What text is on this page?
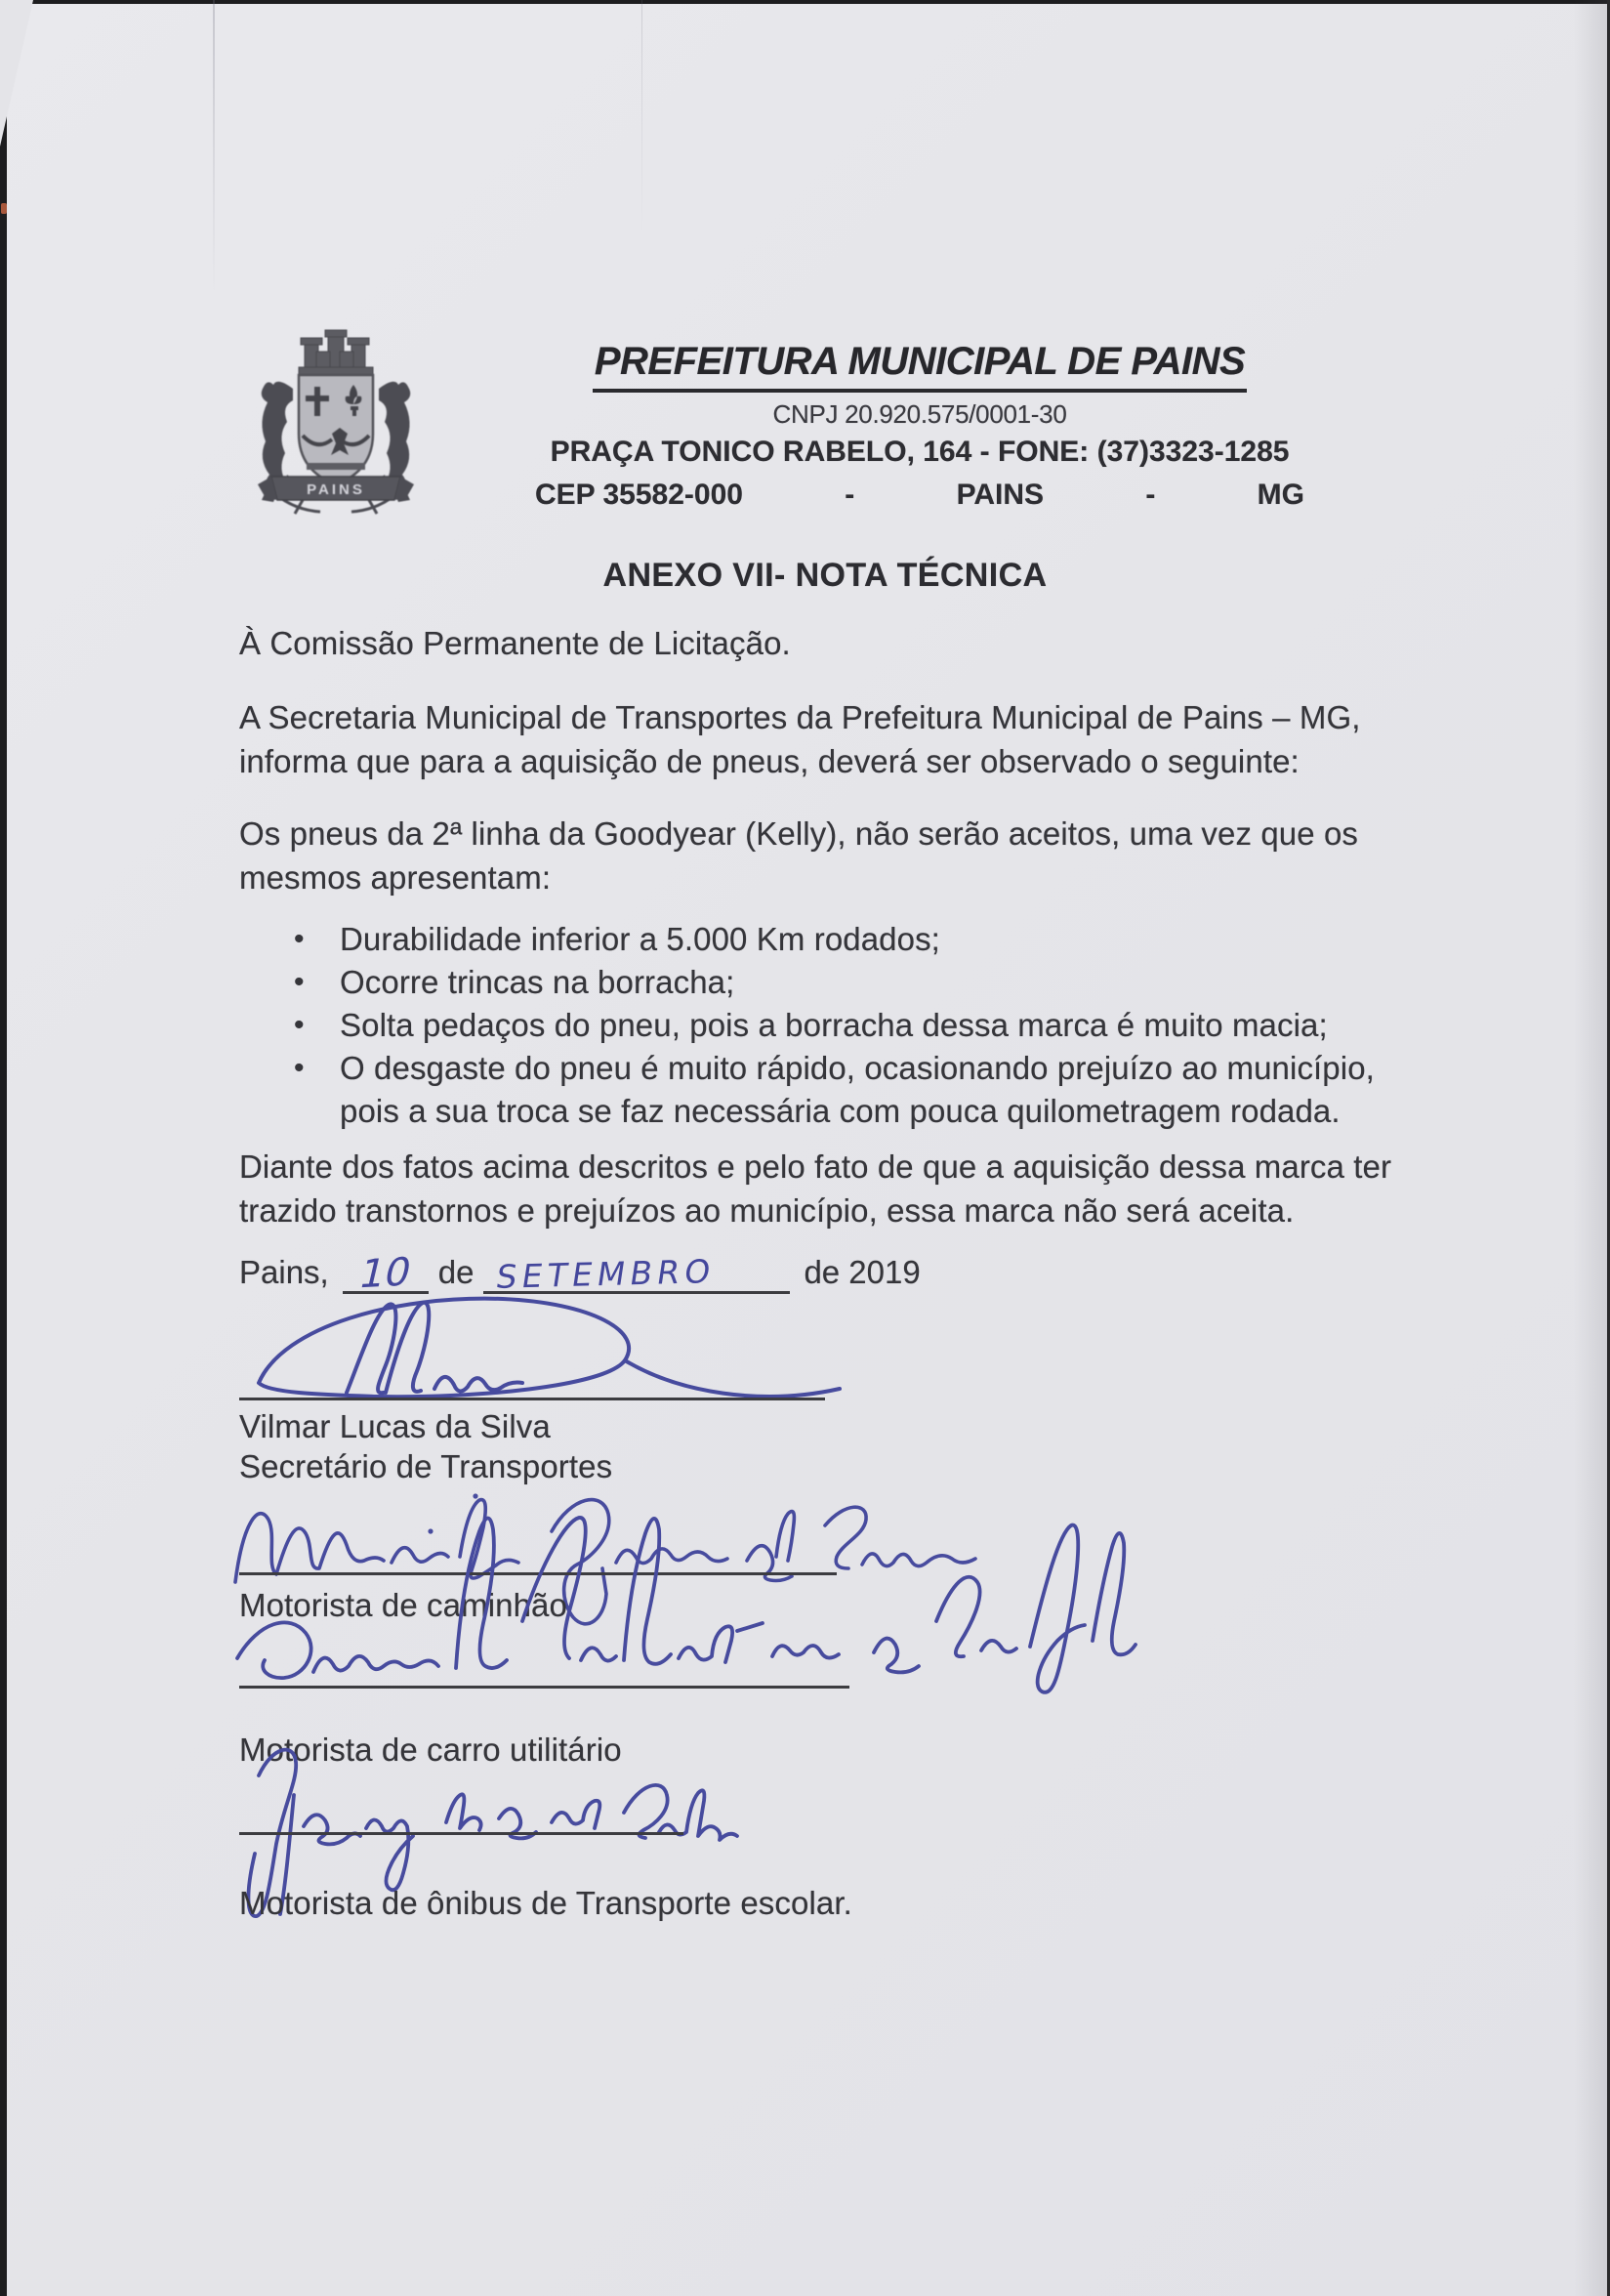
PAINS
PREFEITURA MUNICIPAL DE PAINS
CNPJ 20.920.575/0001-30
PRAÇA TONICO RABELO, 164 - FONE: (37)3323-1285
CEP 35582-000	-	PAINS	-	MG
ANEXO VII- NOTA TÉCNICA
À Comissão Permanente de Licitação.
A Secretaria Municipal de Transportes da Prefeitura Municipal de Pains – MG, informa que para a aquisição de pneus, deverá ser observado o seguinte:
Os pneus da 2ª linha da Goodyear (Kelly), não serão aceitos, uma vez que os mesmos apresentam:
•	Durabilidade inferior a 5.000 Km rodados;
•	Ocorre trincas na borracha;
•	Solta pedaços do pneu, pois a borracha dessa marca é muito macia;
•	O desgaste do pneu é muito rápido, ocasionando prejuízo ao município, pois a sua troca se faz necessária com pouca quilometragem rodada.
Diante dos fatos acima descritos e pelo fato de que a aquisição dessa marca ter trazido transtornos e prejuízos ao município, essa marca não será aceita.
Pains, 10 de SETEMBRO	de 2019
Vilmar Lucas da Silva
Secretário de Transportes
Motorista de caminhão
Motorista de carro utilitário
Motorista de ônibus de Transporte escolar.
